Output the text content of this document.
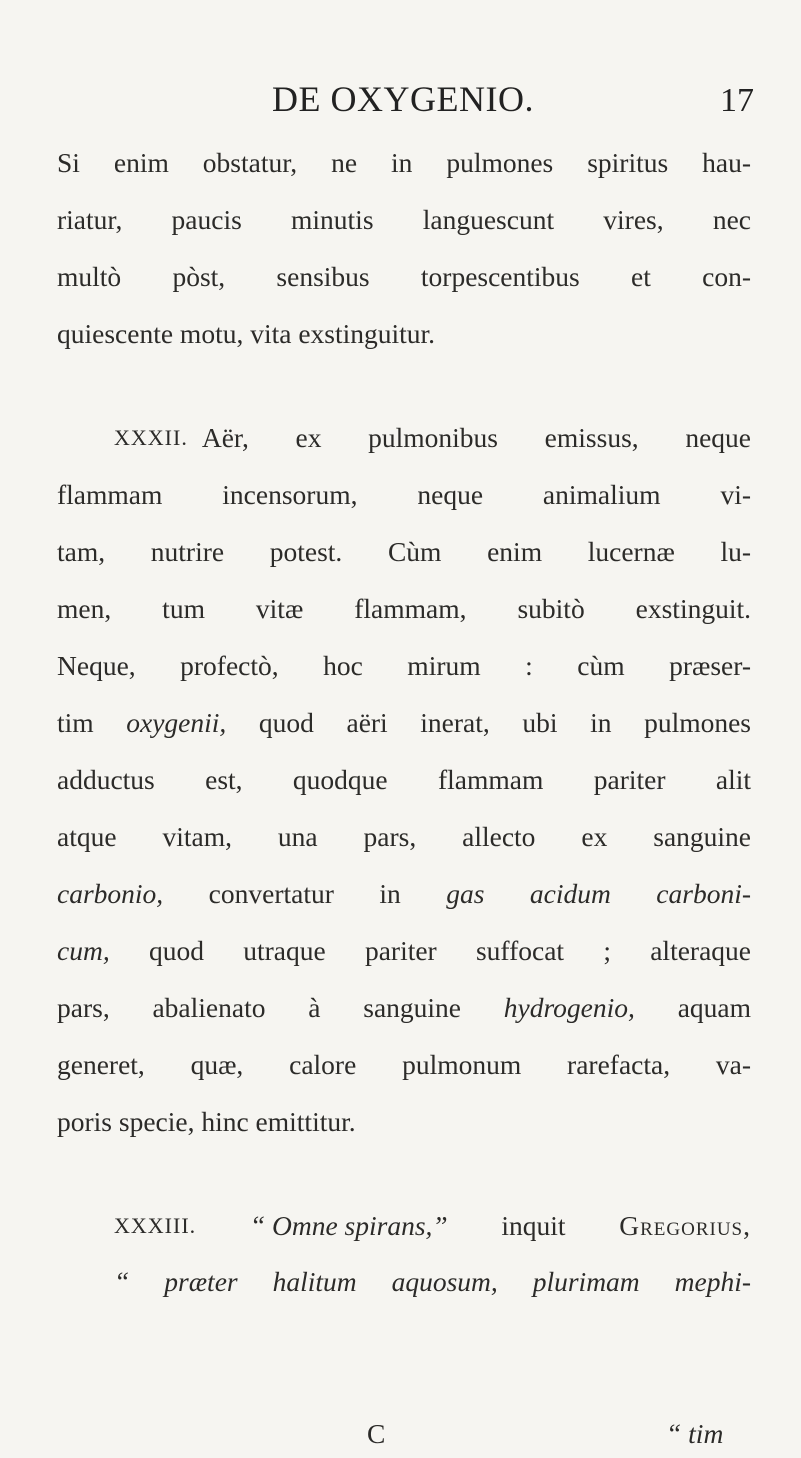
DE OXYGENIO.	17
Si enim obstatur, ne in pulmones spiritus hau-
riatur, paucis minutis languescunt vires, nec
multò pòst, sensibus torpescentibus et con-
quiescente motu, vita exstinguitur.
XXXII. Aër, ex pulmonibus emissus, neque
flammam incensorum, neque animalium vi-
tam, nutrire potest. Cùm enim lucernæ lu-
men, tum vitæ flammam, subitò exstinguit.
Neque, profectò, hoc mirum : cùm præser-
tim oxygenii, quod aëri inerat, ubi in pulmones
adductus est, quodque flammam pariter alit
atque vitam, una pars, allecto ex sanguine
carbonio, convertatur in gas acidum carboni-
cum, quod utraque pariter suffocat ; alteraque
pars, abalienato à sanguine hydrogenio, aquam
generet, quæ, calore pulmonum rarefacta, va-
poris specie, hinc emittitur.
XXXIII. “ Omne spirans,” inquit Gregorius,
“ præter halitum aquosum, plurimam mephi-
C	“ tim
